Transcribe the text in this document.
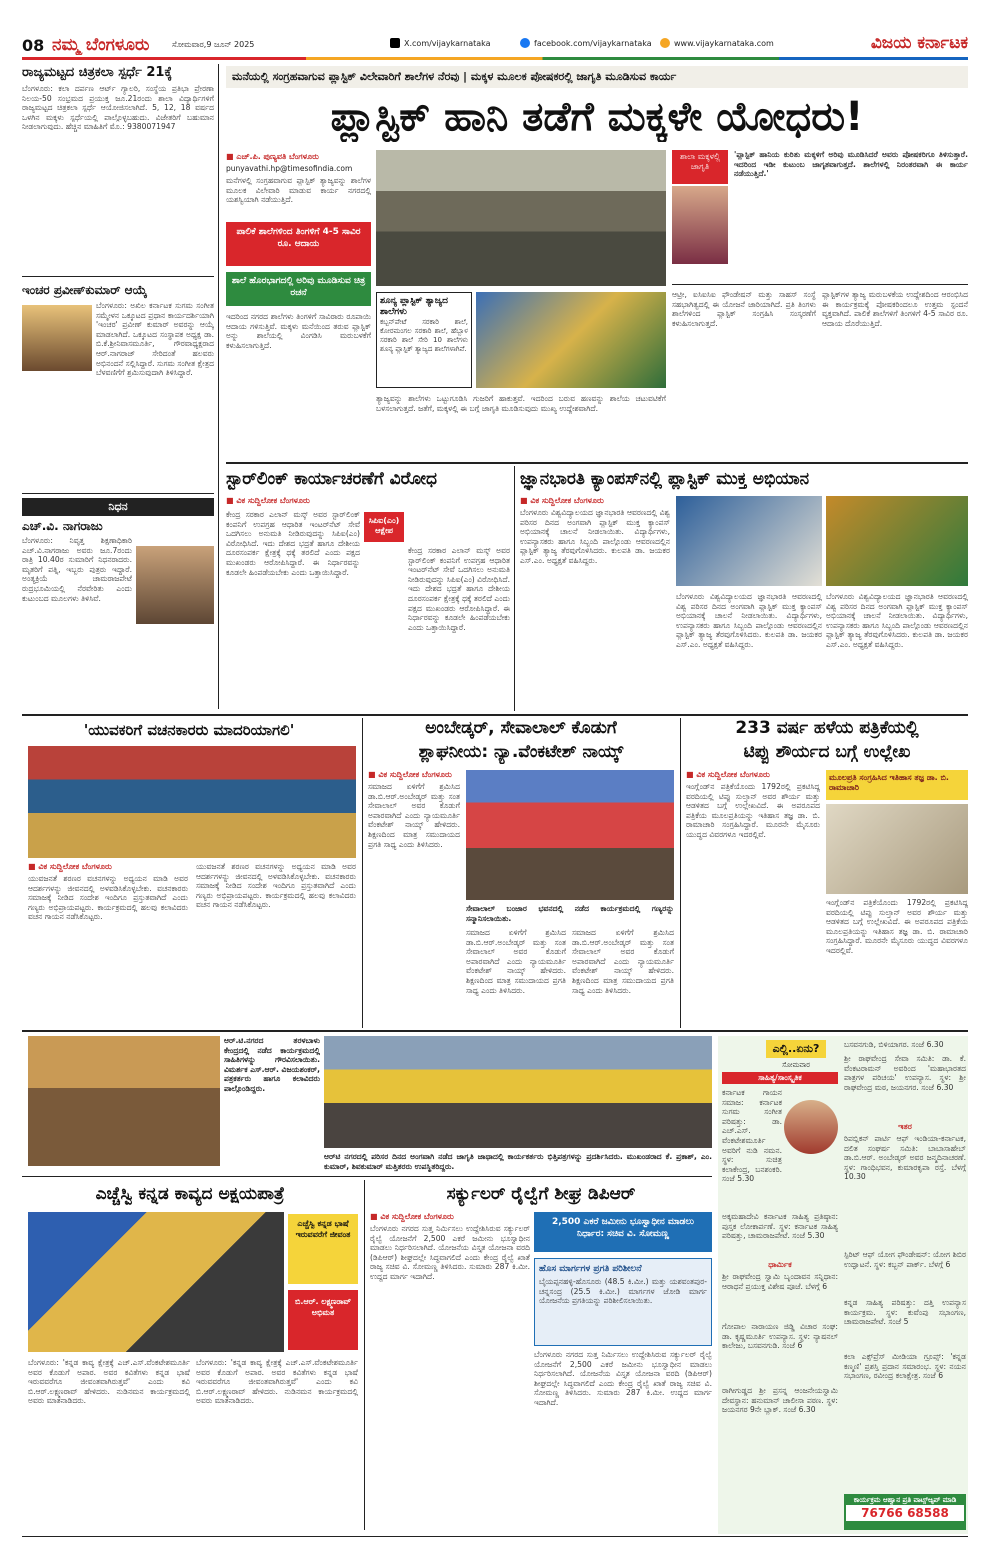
08 ನಮ್ಮ ಬೆಂಗಳೂರು	ಸೋಮವಾರ,9 ಜೂನ್ 2025	X.com/vijaykarnataka	facebook.com/vijaykarnataka	www.vijaykarnataka.com	ವಿಜಯ ಕರ್ನಾಟಕ
ರಾಜ್ಯಮಟ್ಟದ ಚಿತ್ರಕಲಾ ಸ್ಪರ್ಧೆ 21ಕ್ಕೆ
ಬೆಂಗಳೂರು: ಕಲಾ ದರ್ಪಣ ಆರ್ಟ್ ಗ್ಯಾಲರಿ, ಸಂಸ್ಥೆಯ ಪ್ರತಿಭಾ ಪ್ರೇರಣಾ ನಿಲಯ-50 ಸಂಭ್ರಮದ ಪ್ರಯುಕ್ತ ಜೂ.21ರಂದು ಶಾಲಾ ವಿದ್ಯಾರ್ಥಿಗಳಿಗೆ ರಾಜ್ಯಮಟ್ಟದ ಚಿತ್ರಕಲಾ ಸ್ಪರ್ಧೆ ಆಯೋಜಿಸಲಾಗಿದೆ. 5, 12, 18 ವರ್ಷದ ಒಳಗಿನ ಮಕ್ಕಳು ಸ್ಪರ್ಧೆಯಲ್ಲಿ ಪಾಲ್ಗೊಳ್ಳಬಹುದು. ವಿಜೇತರಿಗೆ ಬಹುಮಾನ ನೀಡಲಾಗುವುದು. ಹೆಚ್ಚಿನ ಮಾಹಿತಿಗೆ ಮೊ.: 9380071947
ಇಂಚರ ಪ್ರವೀಣ್‌ಕುಮಾರ್ ಆಯ್ಕೆ
ಬೆಂಗಳೂರು: ಅಖಿಲ ಕರ್ನಾಟಕ ಸುಗಮ ಸಂಗೀತ ಸಮ್ಮೇಳನ ಒಕ್ಕೂಟದ ಪ್ರಧಾನ ಕಾರ್ಯದರ್ಶಿಯಾಗಿ 'ಇಂಚರ' ಪ್ರವೀಣ್ ಕುಮಾರ್ ಅವರನ್ನು ಆಯ್ಕೆ ಮಾಡಲಾಗಿದೆ. ಒಕ್ಕೂಟದ ಸಂಸ್ಥಾಪಕ ಅಧ್ಯಕ್ಷ ಡಾ. ಬಿ.ಕೆ.ಶ್ರೀನಿವಾಸಮೂರ್ತಿ, ಗೌರವಾಧ್ಯಕ್ಷರಾದ ಆರ್.ನಾಗರಾಜ್ ಸೇರಿದಂತೆ ಹಲವರು ಅಭಿನಂದನೆ ಸಲ್ಲಿಸಿದ್ದಾರೆ. ಸುಗಮ ಸಂಗೀತ ಕ್ಷೇತ್ರದ ಬೆಳವಣಿಗೆಗೆ ಶ್ರಮಿಸುವುದಾಗಿ ತಿಳಿಸಿದ್ದಾರೆ.
ನಿಧನ
ಎಚ್.ವಿ. ನಾಗರಾಜು
ಬೆಂಗಳೂರು: ನಿವೃತ್ತ ಶಿಕ್ಷಣಾಧಿಕಾರಿ ಎಚ್.ವಿ.ನಾಗರಾಜು ಅವರು ಜೂ.7ರಂದು ರಾತ್ರಿ 10.40ರ ಸುಮಾರಿಗೆ ನಿಧನರಾದರು. ಮೃತರಿಗೆ ಪತ್ನಿ, ಇಬ್ಬರು ಪುತ್ರರು ಇದ್ದಾರೆ. ಅಂತ್ಯಕ್ರಿಯೆ ಚಾಮರಾಜಪೇಟೆ ರುದ್ರಭೂಮಿಯಲ್ಲಿ ನೆರವೇರಿತು ಎಂದು ಕುಟುಂಬದ ಮೂಲಗಳು ತಿಳಿಸಿವೆ.
ಮನೆಯಲ್ಲಿ ಸಂಗ್ರಹವಾಗುವ ಪ್ಲಾಸ್ಟಿಕ್ ವಿಲೇವಾರಿಗೆ ಶಾಲೆಗಳ ನೆರವು | ಮಕ್ಕಳ ಮೂಲಕ ಪೋಷಕರಲ್ಲಿ ಜಾಗೃತಿ ಮೂಡಿಸುವ ಕಾರ್ಯ
ಪ್ಲಾಸ್ಟಿಕ್ ಹಾನಿ ತಡೆಗೆ ಮಕ್ಕಳೇ ಯೋಧರು!
■ ಎಚ್.ಪಿ. ಪುಣ್ಯವತಿ ಬೆಂಗಳೂರು
punyavathi.hp@timesofindia.com
ಮನೆಗಳಲ್ಲಿ ಸಂಗ್ರಹವಾಗುವ ಪ್ಲಾಸ್ಟಿಕ್ ತ್ಯಾಜ್ಯವನ್ನು ಶಾಲೆಗಳ ಮೂಲಕ ವಿಲೇವಾರಿ ಮಾಡುವ ಕಾರ್ಯ ನಗರದಲ್ಲಿ ಯಶಸ್ವಿಯಾಗಿ ನಡೆಯುತ್ತಿದೆ.
ಪಾಲಿಕೆ ಶಾಲೆಗಳಿಂದ ತಿಂಗಳಿಗೆ 4-5 ಸಾವಿರ ರೂ. ಆದಾಯ
ಶಾಲೆ ಹೊರಭಾಗದಲ್ಲಿ ಅರಿವು ಮೂಡಿಸುವ ಚಿತ್ರ ರಚನೆ
ಇದರಿಂದ ನಗರದ ಶಾಲೆಗಳು ತಿಂಗಳಿಗೆ ಸಾವಿರಾರು ರೂಪಾಯಿ ಆದಾಯ ಗಳಿಸುತ್ತಿವೆ. ಮಕ್ಕಳು ಮನೆಯಿಂದ ತರುವ ಪ್ಲಾಸ್ಟಿಕ್ ಅನ್ನು ಶಾಲೆಯಲ್ಲಿ ವಿಂಗಡಿಸಿ ಮರುಬಳಕೆಗೆ ಕಳುಹಿಸಲಾಗುತ್ತಿದೆ.
ಶೂನ್ಯ ಪ್ಲಾಸ್ಟಿಕ್ ತ್ಯಾಜ್ಯದ ಶಾಲೆಗಳು
ಕಬ್ಬನ್‌ಪೇಟೆ ಸರಕಾರಿ ಶಾಲೆ, ಕೋರಮಂಗಲ ಸರಕಾರಿ ಶಾಲೆ, ಹೆಬ್ಬಾಳ ಸರಕಾರಿ ಶಾಲೆ ಸೇರಿ 10 ಶಾಲೆಗಳು ಶೂನ್ಯ ಪ್ಲಾಸ್ಟಿಕ್ ತ್ಯಾಜ್ಯದ ಶಾಲೆಗಳಾಗಿವೆ.
ತ್ಯಾಜ್ಯವನ್ನು ಶಾಲೆಗಳು ಒಟ್ಟುಗೂಡಿಸಿ ಗುಜರಿಗೆ ಹಾಕುತ್ತವೆ. ಇದರಿಂದ ಬರುವ ಹಣವನ್ನು ಶಾಲೆಯ ಚಟುವಟಿಕೆಗೆ ಬಳಸಲಾಗುತ್ತದೆ. ಜತೆಗೆ, ಮಕ್ಕಳಲ್ಲಿ ಈ ಬಗ್ಗೆ ಜಾಗೃತಿ ಮೂಡಿಸುವುದು ಮುಖ್ಯ ಉದ್ದೇಶವಾಗಿದೆ.
ಶಾಲಾ ಮಕ್ಕಳಲ್ಲಿ ಜಾಗೃತಿ
'ಪ್ಲಾಸ್ಟಿಕ್ ಹಾನಿಯ ಕುರಿತು ಮಕ್ಕಳಿಗೆ ಅರಿವು ಮೂಡಿಸಿದರೆ ಅವರು ಪೋಷಕರಿಗೂ ತಿಳಿಸುತ್ತಾರೆ. ಇದರಿಂದ ಇಡೀ ಕುಟುಂಬ ಜಾಗೃತವಾಗುತ್ತದೆ. ಶಾಲೆಗಳಲ್ಲಿ ನಿರಂತರವಾಗಿ ಈ ಕಾರ್ಯ ನಡೆಯುತ್ತಿದೆ.'
ಆಟ್ರೀ, ಐಸಿಐಸಿಐ ಫೌಂಡೇಷನ್ ಮತ್ತು ಸಾಹಸ್ ಸಂಸ್ಥೆ ಸಹಭಾಗಿತ್ವದಲ್ಲಿ ಈ ಯೋಜನೆ ಜಾರಿಯಾಗಿದೆ. ಪ್ರತಿ ತಿಂಗಳು ಶಾಲೆಗಳಿಂದ ಪ್ಲಾಸ್ಟಿಕ್ ಸಂಗ್ರಹಿಸಿ ಸಂಸ್ಕರಣೆಗೆ ಕಳುಹಿಸಲಾಗುತ್ತದೆ.
ಪ್ಲಾಸ್ಟಿಕ್‌ಗಳ ತ್ಯಾಜ್ಯ ಮರುಬಳಕೆಯ ಉದ್ದೇಶದಿಂದ ಆರಂಭಿಸಿದ ಈ ಕಾರ್ಯಕ್ರಮಕ್ಕೆ ಪೋಷಕರಿಂದಲೂ ಉತ್ತಮ ಸ್ಪಂದನೆ ವ್ಯಕ್ತವಾಗಿದೆ. ಪಾಲಿಕೆ ಶಾಲೆಗಳಿಗೆ ತಿಂಗಳಿಗೆ 4-5 ಸಾವಿರ ರೂ. ಆದಾಯ ದೊರೆಯುತ್ತಿದೆ.
ಸ್ಟಾರ್‌ಲಿಂಕ್ ಕಾರ್ಯಾಚರಣೆಗೆ ವಿರೋಧ
■ ವಿಕ ಸುದ್ದಿಲೋಕ ಬೆಂಗಳೂರು
ಸಿಪಿಐ(ಎಂ) ಆಕ್ಷೇಪ
ಕೇಂದ್ರ ಸರಕಾರ ಎಲಾನ್ ಮಸ್ಕ್ ಅವರ ಸ್ಟಾರ್‌ಲಿಂಕ್ ಕಂಪನಿಗೆ ಉಪಗ್ರಹ ಆಧಾರಿತ ಇಂಟರ್‌ನೆಟ್ ಸೇವೆ ಒದಗಿಸಲು ಅನುಮತಿ ನೀಡಿರುವುದನ್ನು ಸಿಪಿಐ(ಎಂ) ವಿರೋಧಿಸಿದೆ. ಇದು ದೇಶದ ಭದ್ರತೆ ಹಾಗೂ ದೇಶೀಯ ದೂರಸಂಪರ್ಕ ಕ್ಷೇತ್ರಕ್ಕೆ ಧಕ್ಕೆ ತರಲಿದೆ ಎಂದು ಪಕ್ಷದ ಮುಖಂಡರು ಆರೋಪಿಸಿದ್ದಾರೆ. ಈ ನಿರ್ಧಾರವನ್ನು ಕೂಡಲೇ ಹಿಂಪಡೆಯಬೇಕು ಎಂದು ಒತ್ತಾಯಿಸಿದ್ದಾರೆ.
ಕೇಂದ್ರ ಸರಕಾರ ಎಲಾನ್ ಮಸ್ಕ್ ಅವರ ಸ್ಟಾರ್‌ಲಿಂಕ್ ಕಂಪನಿಗೆ ಉಪಗ್ರಹ ಆಧಾರಿತ ಇಂಟರ್‌ನೆಟ್ ಸೇವೆ ಒದಗಿಸಲು ಅನುಮತಿ ನೀಡಿರುವುದನ್ನು ಸಿಪಿಐ(ಎಂ) ವಿರೋಧಿಸಿದೆ. ಇದು ದೇಶದ ಭದ್ರತೆ ಹಾಗೂ ದೇಶೀಯ ದೂರಸಂಪರ್ಕ ಕ್ಷೇತ್ರಕ್ಕೆ ಧಕ್ಕೆ ತರಲಿದೆ ಎಂದು ಪಕ್ಷದ ಮುಖಂಡರು ಆರೋಪಿಸಿದ್ದಾರೆ. ಈ ನಿರ್ಧಾರವನ್ನು ಕೂಡಲೇ ಹಿಂಪಡೆಯಬೇಕು ಎಂದು ಒತ್ತಾಯಿಸಿದ್ದಾರೆ.
ಜ್ಞಾನಭಾರತಿ ಕ್ಯಾಂಪಸ್‌ನಲ್ಲಿ ಪ್ಲಾಸ್ಟಿಕ್ ಮುಕ್ತ ಅಭಿಯಾನ
■ ವಿಕ ಸುದ್ದಿಲೋಕ ಬೆಂಗಳೂರು
ಬೆಂಗಳೂರು ವಿಶ್ವವಿದ್ಯಾಲಯದ ಜ್ಞಾನಭಾರತಿ ಆವರಣದಲ್ಲಿ ವಿಶ್ವ ಪರಿಸರ ದಿನದ ಅಂಗವಾಗಿ ಪ್ಲಾಸ್ಟಿಕ್ ಮುಕ್ತ ಕ್ಯಾಂಪಸ್ ಅಭಿಯಾನಕ್ಕೆ ಚಾಲನೆ ನೀಡಲಾಯಿತು. ವಿದ್ಯಾರ್ಥಿಗಳು, ಉಪನ್ಯಾಸಕರು ಹಾಗೂ ಸಿಬ್ಬಂದಿ ಪಾಲ್ಗೊಂಡು ಆವರಣದಲ್ಲಿನ ಪ್ಲಾಸ್ಟಿಕ್ ತ್ಯಾಜ್ಯ ತೆರವುಗೊಳಿಸಿದರು. ಕುಲಪತಿ ಡಾ. ಜಯಕರ ಎಸ್.ಎಂ. ಅಧ್ಯಕ್ಷತೆ ವಹಿಸಿದ್ದರು.
ಬೆಂಗಳೂರು ವಿಶ್ವವಿದ್ಯಾಲಯದ ಜ್ಞಾನಭಾರತಿ ಆವರಣದಲ್ಲಿ ವಿಶ್ವ ಪರಿಸರ ದಿನದ ಅಂಗವಾಗಿ ಪ್ಲಾಸ್ಟಿಕ್ ಮುಕ್ತ ಕ್ಯಾಂಪಸ್ ಅಭಿಯಾನಕ್ಕೆ ಚಾಲನೆ ನೀಡಲಾಯಿತು. ವಿದ್ಯಾರ್ಥಿಗಳು, ಉಪನ್ಯಾಸಕರು ಹಾಗೂ ಸಿಬ್ಬಂದಿ ಪಾಲ್ಗೊಂಡು ಆವರಣದಲ್ಲಿನ ಪ್ಲಾಸ್ಟಿಕ್ ತ್ಯಾಜ್ಯ ತೆರವುಗೊಳಿಸಿದರು. ಕುಲಪತಿ ಡಾ. ಜಯಕರ ಎಸ್.ಎಂ. ಅಧ್ಯಕ್ಷತೆ ವಹಿಸಿದ್ದರು.
ಬೆಂಗಳೂರು ವಿಶ್ವವಿದ್ಯಾಲಯದ ಜ್ಞಾನಭಾರತಿ ಆವರಣದಲ್ಲಿ ವಿಶ್ವ ಪರಿಸರ ದಿನದ ಅಂಗವಾಗಿ ಪ್ಲಾಸ್ಟಿಕ್ ಮುಕ್ತ ಕ್ಯಾಂಪಸ್ ಅಭಿಯಾನಕ್ಕೆ ಚಾಲನೆ ನೀಡಲಾಯಿತು. ವಿದ್ಯಾರ್ಥಿಗಳು, ಉಪನ್ಯಾಸಕರು ಹಾಗೂ ಸಿಬ್ಬಂದಿ ಪಾಲ್ಗೊಂಡು ಆವರಣದಲ್ಲಿನ ಪ್ಲಾಸ್ಟಿಕ್ ತ್ಯಾಜ್ಯ ತೆರವುಗೊಳಿಸಿದರು. ಕುಲಪತಿ ಡಾ. ಜಯಕರ ಎಸ್.ಎಂ. ಅಧ್ಯಕ್ಷತೆ ವಹಿಸಿದ್ದರು.
'ಯುವಕರಿಗೆ ವಚನಕಾರರು ಮಾದರಿಯಾಗಲಿ'
■ ವಿಕ ಸುದ್ದಿಲೋಕ ಬೆಂಗಳೂರು
ಯುವಜನತೆ ಶರಣರ ವಚನಗಳನ್ನು ಅಧ್ಯಯನ ಮಾಡಿ ಅವರ ಆದರ್ಶಗಳನ್ನು ಜೀವನದಲ್ಲಿ ಅಳವಡಿಸಿಕೊಳ್ಳಬೇಕು. ವಚನಕಾರರು ಸಮಾಜಕ್ಕೆ ನೀಡಿದ ಸಂದೇಶ ಇಂದಿಗೂ ಪ್ರಸ್ತುತವಾಗಿದೆ ಎಂದು ಗಣ್ಯರು ಅಭಿಪ್ರಾಯಪಟ್ಟರು. ಕಾರ್ಯಕ್ರಮದಲ್ಲಿ ಹಲವು ಕಲಾವಿದರು ವಚನ ಗಾಯನ ನಡೆಸಿಕೊಟ್ಟರು.
ಯುವಜನತೆ ಶರಣರ ವಚನಗಳನ್ನು ಅಧ್ಯಯನ ಮಾಡಿ ಅವರ ಆದರ್ಶಗಳನ್ನು ಜೀವನದಲ್ಲಿ ಅಳವಡಿಸಿಕೊಳ್ಳಬೇಕು. ವಚನಕಾರರು ಸಮಾಜಕ್ಕೆ ನೀಡಿದ ಸಂದೇಶ ಇಂದಿಗೂ ಪ್ರಸ್ತುತವಾಗಿದೆ ಎಂದು ಗಣ್ಯರು ಅಭಿಪ್ರಾಯಪಟ್ಟರು. ಕಾರ್ಯಕ್ರಮದಲ್ಲಿ ಹಲವು ಕಲಾವಿದರು ವಚನ ಗಾಯನ ನಡೆಸಿಕೊಟ್ಟರು.
ಅಂಬೇಡ್ಕರ್, ಸೇವಾಲಾಲ್ ಕೊಡುಗೆ
ಶ್ಲಾಘನೀಯ: ನ್ಯಾ.ವೆಂಕಟೇಶ್ ನಾಯ್ಕ್
■ ವಿಕ ಸುದ್ದಿಲೋಕ ಬೆಂಗಳೂರು
ಸಮಾಜದ ಏಳಿಗೆಗೆ ಶ್ರಮಿಸಿದ ಡಾ.ಬಿ.ಆರ್.ಅಂಬೇಡ್ಕರ್ ಮತ್ತು ಸಂತ ಸೇವಾಲಾಲ್ ಅವರ ಕೊಡುಗೆ ಅಪಾರವಾಗಿದೆ ಎಂದು ನ್ಯಾಯಮೂರ್ತಿ ವೆಂಕಟೇಶ್ ನಾಯ್ಕ್ ಹೇಳಿದರು. ಶಿಕ್ಷಣದಿಂದ ಮಾತ್ರ ಸಮುದಾಯದ ಪ್ರಗತಿ ಸಾಧ್ಯ ಎಂದು ತಿಳಿಸಿದರು.
ಸೇವಾಲಾಲ್ ಬಂಜಾರ ಭವನದಲ್ಲಿ ನಡೆದ ಕಾರ್ಯಕ್ರಮದಲ್ಲಿ ಗಣ್ಯರನ್ನು ಸನ್ಮಾನಿಸಲಾಯಿತು.
ಸಮಾಜದ ಏಳಿಗೆಗೆ ಶ್ರಮಿಸಿದ ಡಾ.ಬಿ.ಆರ್.ಅಂಬೇಡ್ಕರ್ ಮತ್ತು ಸಂತ ಸೇವಾಲಾಲ್ ಅವರ ಕೊಡುಗೆ ಅಪಾರವಾಗಿದೆ ಎಂದು ನ್ಯಾಯಮೂರ್ತಿ ವೆಂಕಟೇಶ್ ನಾಯ್ಕ್ ಹೇಳಿದರು. ಶಿಕ್ಷಣದಿಂದ ಮಾತ್ರ ಸಮುದಾಯದ ಪ್ರಗತಿ ಸಾಧ್ಯ ಎಂದು ತಿಳಿಸಿದರು.
ಸಮಾಜದ ಏಳಿಗೆಗೆ ಶ್ರಮಿಸಿದ ಡಾ.ಬಿ.ಆರ್.ಅಂಬೇಡ್ಕರ್ ಮತ್ತು ಸಂತ ಸೇವಾಲಾಲ್ ಅವರ ಕೊಡುಗೆ ಅಪಾರವಾಗಿದೆ ಎಂದು ನ್ಯಾಯಮೂರ್ತಿ ವೆಂಕಟೇಶ್ ನಾಯ್ಕ್ ಹೇಳಿದರು. ಶಿಕ್ಷಣದಿಂದ ಮಾತ್ರ ಸಮುದಾಯದ ಪ್ರಗತಿ ಸಾಧ್ಯ ಎಂದು ತಿಳಿಸಿದರು.
233 ವರ್ಷ ಹಳೆಯ ಪತ್ರಿಕೆಯಲ್ಲಿ
ಟಿಪ್ಪು ಶೌರ್ಯದ ಬಗ್ಗೆ ಉಲ್ಲೇಖ
■ ವಿಕ ಸುದ್ದಿಲೋಕ ಬೆಂಗಳೂರು
ಇಂಗ್ಲೆಂಡ್‌ನ ಪತ್ರಿಕೆಯೊಂದು 1792ರಲ್ಲಿ ಪ್ರಕಟಿಸಿದ್ದ ವರದಿಯಲ್ಲಿ ಟಿಪ್ಪು ಸುಲ್ತಾನ್ ಅವರ ಶೌರ್ಯ ಮತ್ತು ಆಡಳಿತದ ಬಗ್ಗೆ ಉಲ್ಲೇಖವಿದೆ. ಈ ಅಪರೂಪದ ಪತ್ರಿಕೆಯ ಮೂಲಪ್ರತಿಯನ್ನು ಇತಿಹಾಸ ತಜ್ಞ ಡಾ. ಬಿ. ರಾಮಾಚಾರಿ ಸಂಗ್ರಹಿಸಿದ್ದಾರೆ. ಮೂರನೇ ಮೈಸೂರು ಯುದ್ಧದ ವಿವರಗಳೂ ಇದರಲ್ಲಿವೆ.
ಮೂಲಪ್ರತಿ ಸಂಗ್ರಹಿಸಿದ ಇತಿಹಾಸ ತಜ್ಞ ಡಾ. ಬಿ. ರಾಮಾಚಾರಿ
ಇಂಗ್ಲೆಂಡ್‌ನ ಪತ್ರಿಕೆಯೊಂದು 1792ರಲ್ಲಿ ಪ್ರಕಟಿಸಿದ್ದ ವರದಿಯಲ್ಲಿ ಟಿಪ್ಪು ಸುಲ್ತಾನ್ ಅವರ ಶೌರ್ಯ ಮತ್ತು ಆಡಳಿತದ ಬಗ್ಗೆ ಉಲ್ಲೇಖವಿದೆ. ಈ ಅಪರೂಪದ ಪತ್ರಿಕೆಯ ಮೂಲಪ್ರತಿಯನ್ನು ಇತಿಹಾಸ ತಜ್ಞ ಡಾ. ಬಿ. ರಾಮಾಚಾರಿ ಸಂಗ್ರಹಿಸಿದ್ದಾರೆ. ಮೂರನೇ ಮೈಸೂರು ಯುದ್ಧದ ವಿವರಗಳೂ ಇದರಲ್ಲಿವೆ.
ಆರ್.ಟಿ.ನಗರದ ತರಳಬಾಳು ಕೇಂದ್ರದಲ್ಲಿ ನಡೆದ ಕಾರ್ಯಕ್ರಮದಲ್ಲಿ ಸಾಹಿತಿಗಳನ್ನು ಗೌರವಿಸಲಾಯಿತು. ವಿಮರ್ಶಕ ಎಸ್.ಆರ್. ವಿಜಯಶಂಕರ್, ಪತ್ರಕರ್ತರು ಹಾಗೂ ಕಲಾವಿದರು ಪಾಲ್ಗೊಂಡಿದ್ದರು.
ಆರ್‌ಟಿ ನಗರದಲ್ಲಿ ಪರಿಸರ ದಿನದ ಅಂಗವಾಗಿ ನಡೆದ ಜಾಗೃತಿ ಜಾಥಾದಲ್ಲಿ ಕಾರ್ಯಕರ್ತರು ಭಿತ್ತಿಪತ್ರಗಳನ್ನು ಪ್ರದರ್ಶಿಸಿದರು. ಮುಖಂಡರಾದ ಕೆ. ಪ್ರಕಾಶ್, ಎಂ. ಕುಮಾರ್, ಶಿವಕುಮಾರ್ ಮತ್ತಿತರರು ಉಪಸ್ಥಿತರಿದ್ದರು.
ಎಲ್ಲಿ..ಏನು?
ಸೋಮವಾರ
ಸಾಹಿತ್ಯ/ಸಾಂಸ್ಕೃತಿಕ
ಕರ್ನಾಟಕ ಗಾಯನ ಸಮಾಜ: ಕರ್ನಾಟಕ ಸುಗಮ ಸಂಗೀತ ಪರಿಷತ್ತು: ಡಾ. ಎಚ್.ಎಸ್. ವೆಂಕಟೇಶಮೂರ್ತಿ ಅವರಿಗೆ ನುಡಿ ನಮನ. ಸ್ಥಳ: ಸುಚಿತ್ರ ಕಲಾಕೇಂದ್ರ, ಬನಶಂಕರಿ. ಸಂಜೆ 5.30
ಅಕ್ಕಮಹಾದೇವಿ ಕರ್ನಾಟಕ ಸಾಹಿತ್ಯ ಪ್ರತಿಷ್ಠಾನ: ಪುಸ್ತಕ ಲೋಕಾರ್ಪಣೆ. ಸ್ಥಳ: ಕರ್ನಾಟಕ ಸಾಹಿತ್ಯ ಪರಿಷತ್ತು, ಚಾಮರಾಜಪೇಟೆ. ಸಂಜೆ 5.30
ಧಾರ್ಮಿಕ
ಶ್ರೀ ರಾಘವೇಂದ್ರ ಸ್ವಾಮಿ ಬೃಂದಾವನ ಸನ್ನಿಧಾನ: ಆರಾಧನೆ ಪ್ರಯುಕ್ತ ವಿಶೇಷ ಪೂಜೆ. ಬೆಳಗ್ಗೆ 6
ಗೋಪಾಲ ನಾರಾಯಣ ಜಿಡ್ಡಿ ವಿಚಾರ ಸಂಘ: ಡಾ. ಕೃಷ್ಣಮೂರ್ತಿ ಉಪನ್ಯಾಸ. ಸ್ಥಳ: ನ್ಯಾಷನಲ್ ಕಾಲೇಜು, ಬಸವನಗುಡಿ. ಸಂಜೆ 6
ರಾಗೀಗುಡ್ಡದ ಶ್ರೀ ಪ್ರಸನ್ನ ಆಂಜನೇಯಸ್ವಾಮಿ ದೇವಸ್ಥಾನ: ಹನುಮಾನ್ ಚಾಲೀಸಾ ಪಠಣ. ಸ್ಥಳ: ಜಯನಗರ 9ನೇ ಬ್ಲಾಕ್. ಸಂಜೆ 6.30
ಬಸವನಗುಡಿ, ಬಿಳಿಯಾಗರ. ಸಂಜೆ 6.30
ಶ್ರೀ ರಾಘವೇಂದ್ರ ಸೇವಾ ಸಮಿತಿ: ಡಾ. ಕೆ. ವೆಂಕಟರಾಮನ್ ಅವರಿಂದ 'ಮಹಾಭಾರತದ ಪಾತ್ರಗಳ ಪರಿಚಯ' ಉಪನ್ಯಾಸ. ಸ್ಥಳ: ಶ್ರೀ ರಾಘವೇಂದ್ರ ಮಠ, ಜಯನಗರ. ಸಂಜೆ 6.30
ಇತರ
ರಿಪಬ್ಲಿಕನ್ ಪಾರ್ಟಿ ಆಫ್ ಇಂಡಿಯಾ-ಕರ್ನಾಟಕ, ದಲಿತ ಸಂಘರ್ಷ ಸಮಿತಿ: ಬಾಬಾಸಾಹೇಬ್ ಡಾ.ಬಿ.ಆರ್. ಅಂಬೇಡ್ಕರ್ ಅವರ ಜನ್ಮದಿನಾಚರಣೆ. ಸ್ಥಳ: ಗಾಂಧಿಭವನ, ಕುಮಾರಕೃಪಾ ರಸ್ತೆ. ಬೆಳಗ್ಗೆ 10.30
ಸ್ಪಿರಿಟ್ ಆಫ್ ಯೋಗ ಫೌಂಡೇಷನ್: ಯೋಗ ಶಿಬಿರ ಉದ್ಘಾಟನೆ. ಸ್ಥಳ: ಕಬ್ಬನ್ ಪಾರ್ಕ್. ಬೆಳಗ್ಗೆ 6
ಕನ್ನಡ ಸಾಹಿತ್ಯ ಪರಿಷತ್ತು: ದತ್ತಿ ಉಪನ್ಯಾಸ ಕಾರ್ಯಕ್ರಮ. ಸ್ಥಳ: ಕುವೆಂಪು ಸಭಾಂಗಣ, ಚಾಮರಾಜಪೇಟೆ. ಸಂಜೆ 5
ಕಲಾ ಎಕ್ಸ್‌ಪ್ರೆಸ್ ಮೀಡಿಯಾ ಗ್ರೂಪ್ಸ್: 'ಕನ್ನಡ ಕಣ್ಮಣಿ' ಪ್ರಶಸ್ತಿ ಪ್ರದಾನ ಸಮಾರಂಭ. ಸ್ಥಳ: ನಯನ ಸಭಾಂಗಣ, ರವೀಂದ್ರ ಕಲಾಕ್ಷೇತ್ರ. ಸಂಜೆ 6
ಕಾರ್ಯಕ್ರಮ ಆಹ್ವಾನ ಪ್ರತಿ ವಾಟ್ಸ್‌ಆ್ಯಪ್ ಮಾಡಿ
76766 68588
ಎಚ್ಚೆಸ್ವಿ ಕನ್ನಡ ಕಾವ್ಯದ ಅಕ್ಷಯಪಾತ್ರೆ
ಎಚ್ಚೆಸ್ವಿ ಕನ್ನಡ ಭಾಷೆ ಇರುವವರೆಗೆ ಜೀವಂತ
ಬಿ.ಆರ್. ಲಕ್ಷ್ಮಣರಾವ್ ಅಭಿಮತ
ಬೆಂಗಳೂರು: 'ಕನ್ನಡ ಕಾವ್ಯ ಕ್ಷೇತ್ರಕ್ಕೆ ಎಚ್.ಎಸ್.ವೆಂಕಟೇಶಮೂರ್ತಿ ಅವರ ಕೊಡುಗೆ ಅಪಾರ. ಅವರ ಕವಿತೆಗಳು ಕನ್ನಡ ಭಾಷೆ ಇರುವವರೆಗೂ ಜೀವಂತವಾಗಿರುತ್ತವೆ' ಎಂದು ಕವಿ ಬಿ.ಆರ್.ಲಕ್ಷ್ಮಣರಾವ್ ಹೇಳಿದರು. ನುಡಿನಮನ ಕಾರ್ಯಕ್ರಮದಲ್ಲಿ ಅವರು ಮಾತನಾಡಿದರು.
ಬೆಂಗಳೂರು: 'ಕನ್ನಡ ಕಾವ್ಯ ಕ್ಷೇತ್ರಕ್ಕೆ ಎಚ್.ಎಸ್.ವೆಂಕಟೇಶಮೂರ್ತಿ ಅವರ ಕೊಡುಗೆ ಅಪಾರ. ಅವರ ಕವಿತೆಗಳು ಕನ್ನಡ ಭಾಷೆ ಇರುವವರೆಗೂ ಜೀವಂತವಾಗಿರುತ್ತವೆ' ಎಂದು ಕವಿ ಬಿ.ಆರ್.ಲಕ್ಷ್ಮಣರಾವ್ ಹೇಳಿದರು. ನುಡಿನಮನ ಕಾರ್ಯಕ್ರಮದಲ್ಲಿ ಅವರು ಮಾತನಾಡಿದರು.
ಸರ್ಕ್ಯುಲರ್ ರೈಲ್ವೆಗೆ ಶೀಘ್ರ ಡಿಪಿಆರ್
■ ವಿಕ ಸುದ್ದಿಲೋಕ ಬೆಂಗಳೂರು
2,500 ಎಕರೆ ಜಮೀನು ಭೂಸ್ವಾಧೀನ ಮಾಡಲು ನಿರ್ಧಾರ: ಸಚಿವ ವಿ. ಸೋಮಣ್ಣ
ಬೆಂಗಳೂರು ನಗರದ ಸುತ್ತ ನಿರ್ಮಿಸಲು ಉದ್ದೇಶಿಸಿರುವ ಸರ್ಕ್ಯುಲರ್ ರೈಲ್ವೆ ಯೋಜನೆಗೆ 2,500 ಎಕರೆ ಜಮೀನು ಭೂಸ್ವಾಧೀನ ಮಾಡಲು ನಿರ್ಧರಿಸಲಾಗಿದೆ. ಯೋಜನೆಯ ವಿಸ್ತೃತ ಯೋಜನಾ ವರದಿ (ಡಿಪಿಆರ್) ಶೀಘ್ರದಲ್ಲೇ ಸಿದ್ಧವಾಗಲಿದೆ ಎಂದು ಕೇಂದ್ರ ರೈಲ್ವೆ ಖಾತೆ ರಾಜ್ಯ ಸಚಿವ ವಿ. ಸೋಮಣ್ಣ ತಿಳಿಸಿದರು. ಸುಮಾರು 287 ಕಿ.ಮೀ. ಉದ್ದದ ಮಾರ್ಗ ಇದಾಗಿದೆ.
ಹೊಸ ಮಾರ್ಗಗಳ ಪ್ರಗತಿ ಪರಿಶೀಲನೆ
ಬೈಯಪ್ಪನಹಳ್ಳಿ-ಹೊಸೂರು (48.5 ಕಿ.ಮೀ.) ಮತ್ತು ಯಶವಂತಪುರ-ಚನ್ನಸಂದ್ರ (25.5 ಕಿ.ಮೀ.) ಮಾರ್ಗಗಳ ಜೋಡಿ ಮಾರ್ಗ ಯೋಜನೆಯ ಪ್ರಗತಿಯನ್ನು ಪರಿಶೀಲಿಸಲಾಯಿತು.
ಬೆಂಗಳೂರು ನಗರದ ಸುತ್ತ ನಿರ್ಮಿಸಲು ಉದ್ದೇಶಿಸಿರುವ ಸರ್ಕ್ಯುಲರ್ ರೈಲ್ವೆ ಯೋಜನೆಗೆ 2,500 ಎಕರೆ ಜಮೀನು ಭೂಸ್ವಾಧೀನ ಮಾಡಲು ನಿರ್ಧರಿಸಲಾಗಿದೆ. ಯೋಜನೆಯ ವಿಸ್ತೃತ ಯೋಜನಾ ವರದಿ (ಡಿಪಿಆರ್) ಶೀಘ್ರದಲ್ಲೇ ಸಿದ್ಧವಾಗಲಿದೆ ಎಂದು ಕೇಂದ್ರ ರೈಲ್ವೆ ಖಾತೆ ರಾಜ್ಯ ಸಚಿವ ವಿ. ಸೋಮಣ್ಣ ತಿಳಿಸಿದರು. ಸುಮಾರು 287 ಕಿ.ಮೀ. ಉದ್ದದ ಮಾರ್ಗ ಇದಾಗಿದೆ.
